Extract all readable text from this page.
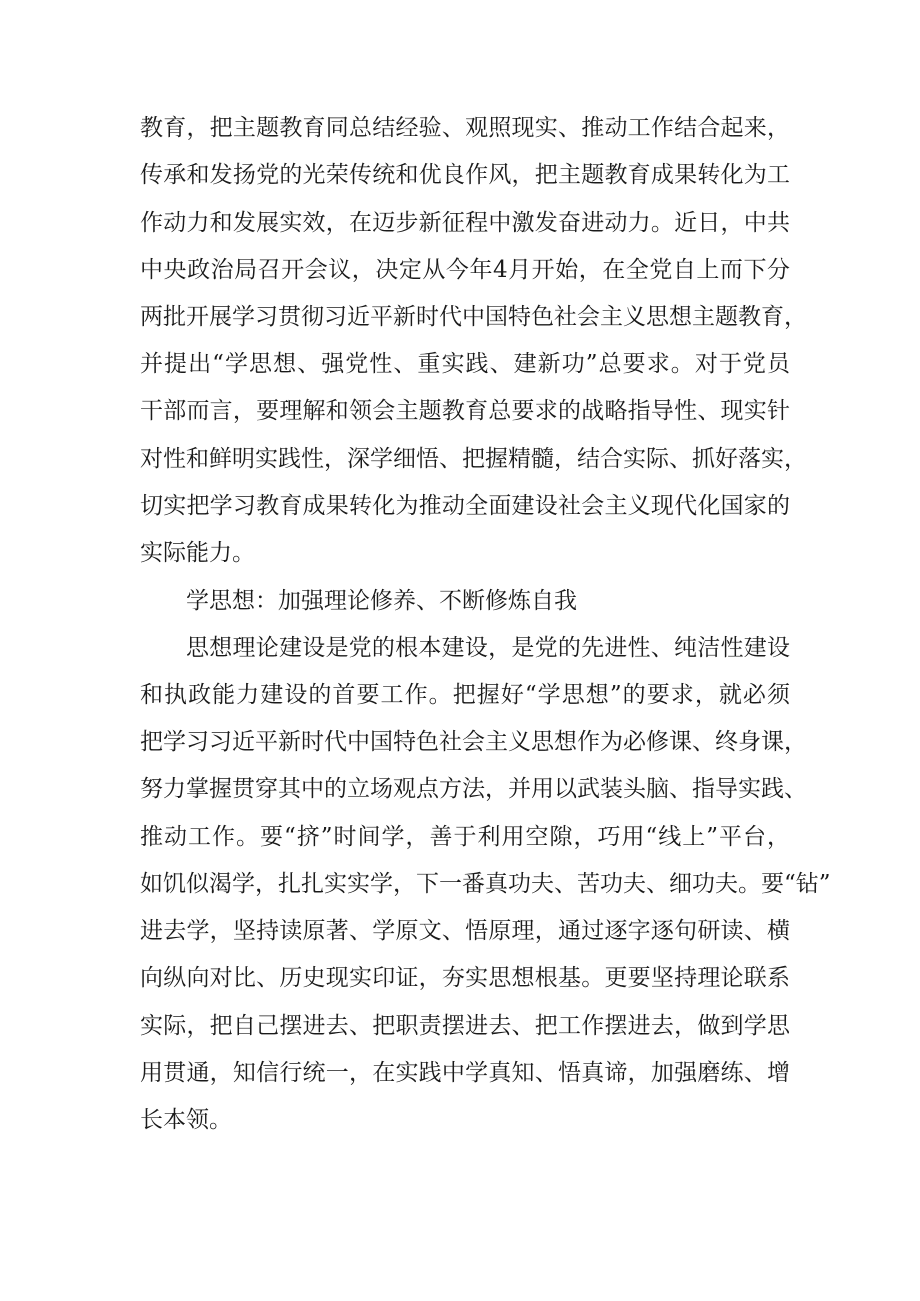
教育，把主题教育同总结经验、观照现实、推动工作结合起来，
传承和发扬党的光荣传统和优良作风，把主题教育成果转化为工
作动力和发展实效，在迈步新征程中激发奋进动力。近日，中共
中央政治局召开会议，决定从今年4月开始，在全党自上而下分
两批开展学习贯彻习近平新时代中国特色社会主义思想主题教育，
并提出“学思想、强党性、重实践、建新功”总要求。对于党员
干部而言，要理解和领会主题教育总要求的战略指导性、现实针
对性和鲜明实践性，深学细悟、把握精髓，结合实际、抓好落实，
切实把学习教育成果转化为推动全面建设社会主义现代化国家的
实际能力。
学思想：加强理论修养、不断修炼自我
思想理论建设是党的根本建设，是党的先进性、纯洁性建设
和执政能力建设的首要工作。把握好“学思想”的要求，就必须
把学习习近平新时代中国特色社会主义思想作为必修课、终身课，
努力掌握贯穿其中的立场观点方法，并用以武装头脑、指导实践、
推动工作。要“挤”时间学，善于利用空隙，巧用“线上”平台，
如饥似渴学，扎扎实实学，下一番真功夫、苦功夫、细功夫。要“钻”
进去学，坚持读原著、学原文、悟原理，通过逐字逐句研读、横
向纵向对比、历史现实印证，夯实思想根基。更要坚持理论联系
实际，把自己摆进去、把职责摆进去、把工作摆进去，做到学思
用贯通，知信行统一，在实践中学真知、悟真谛，加强磨练、增
长本领。
